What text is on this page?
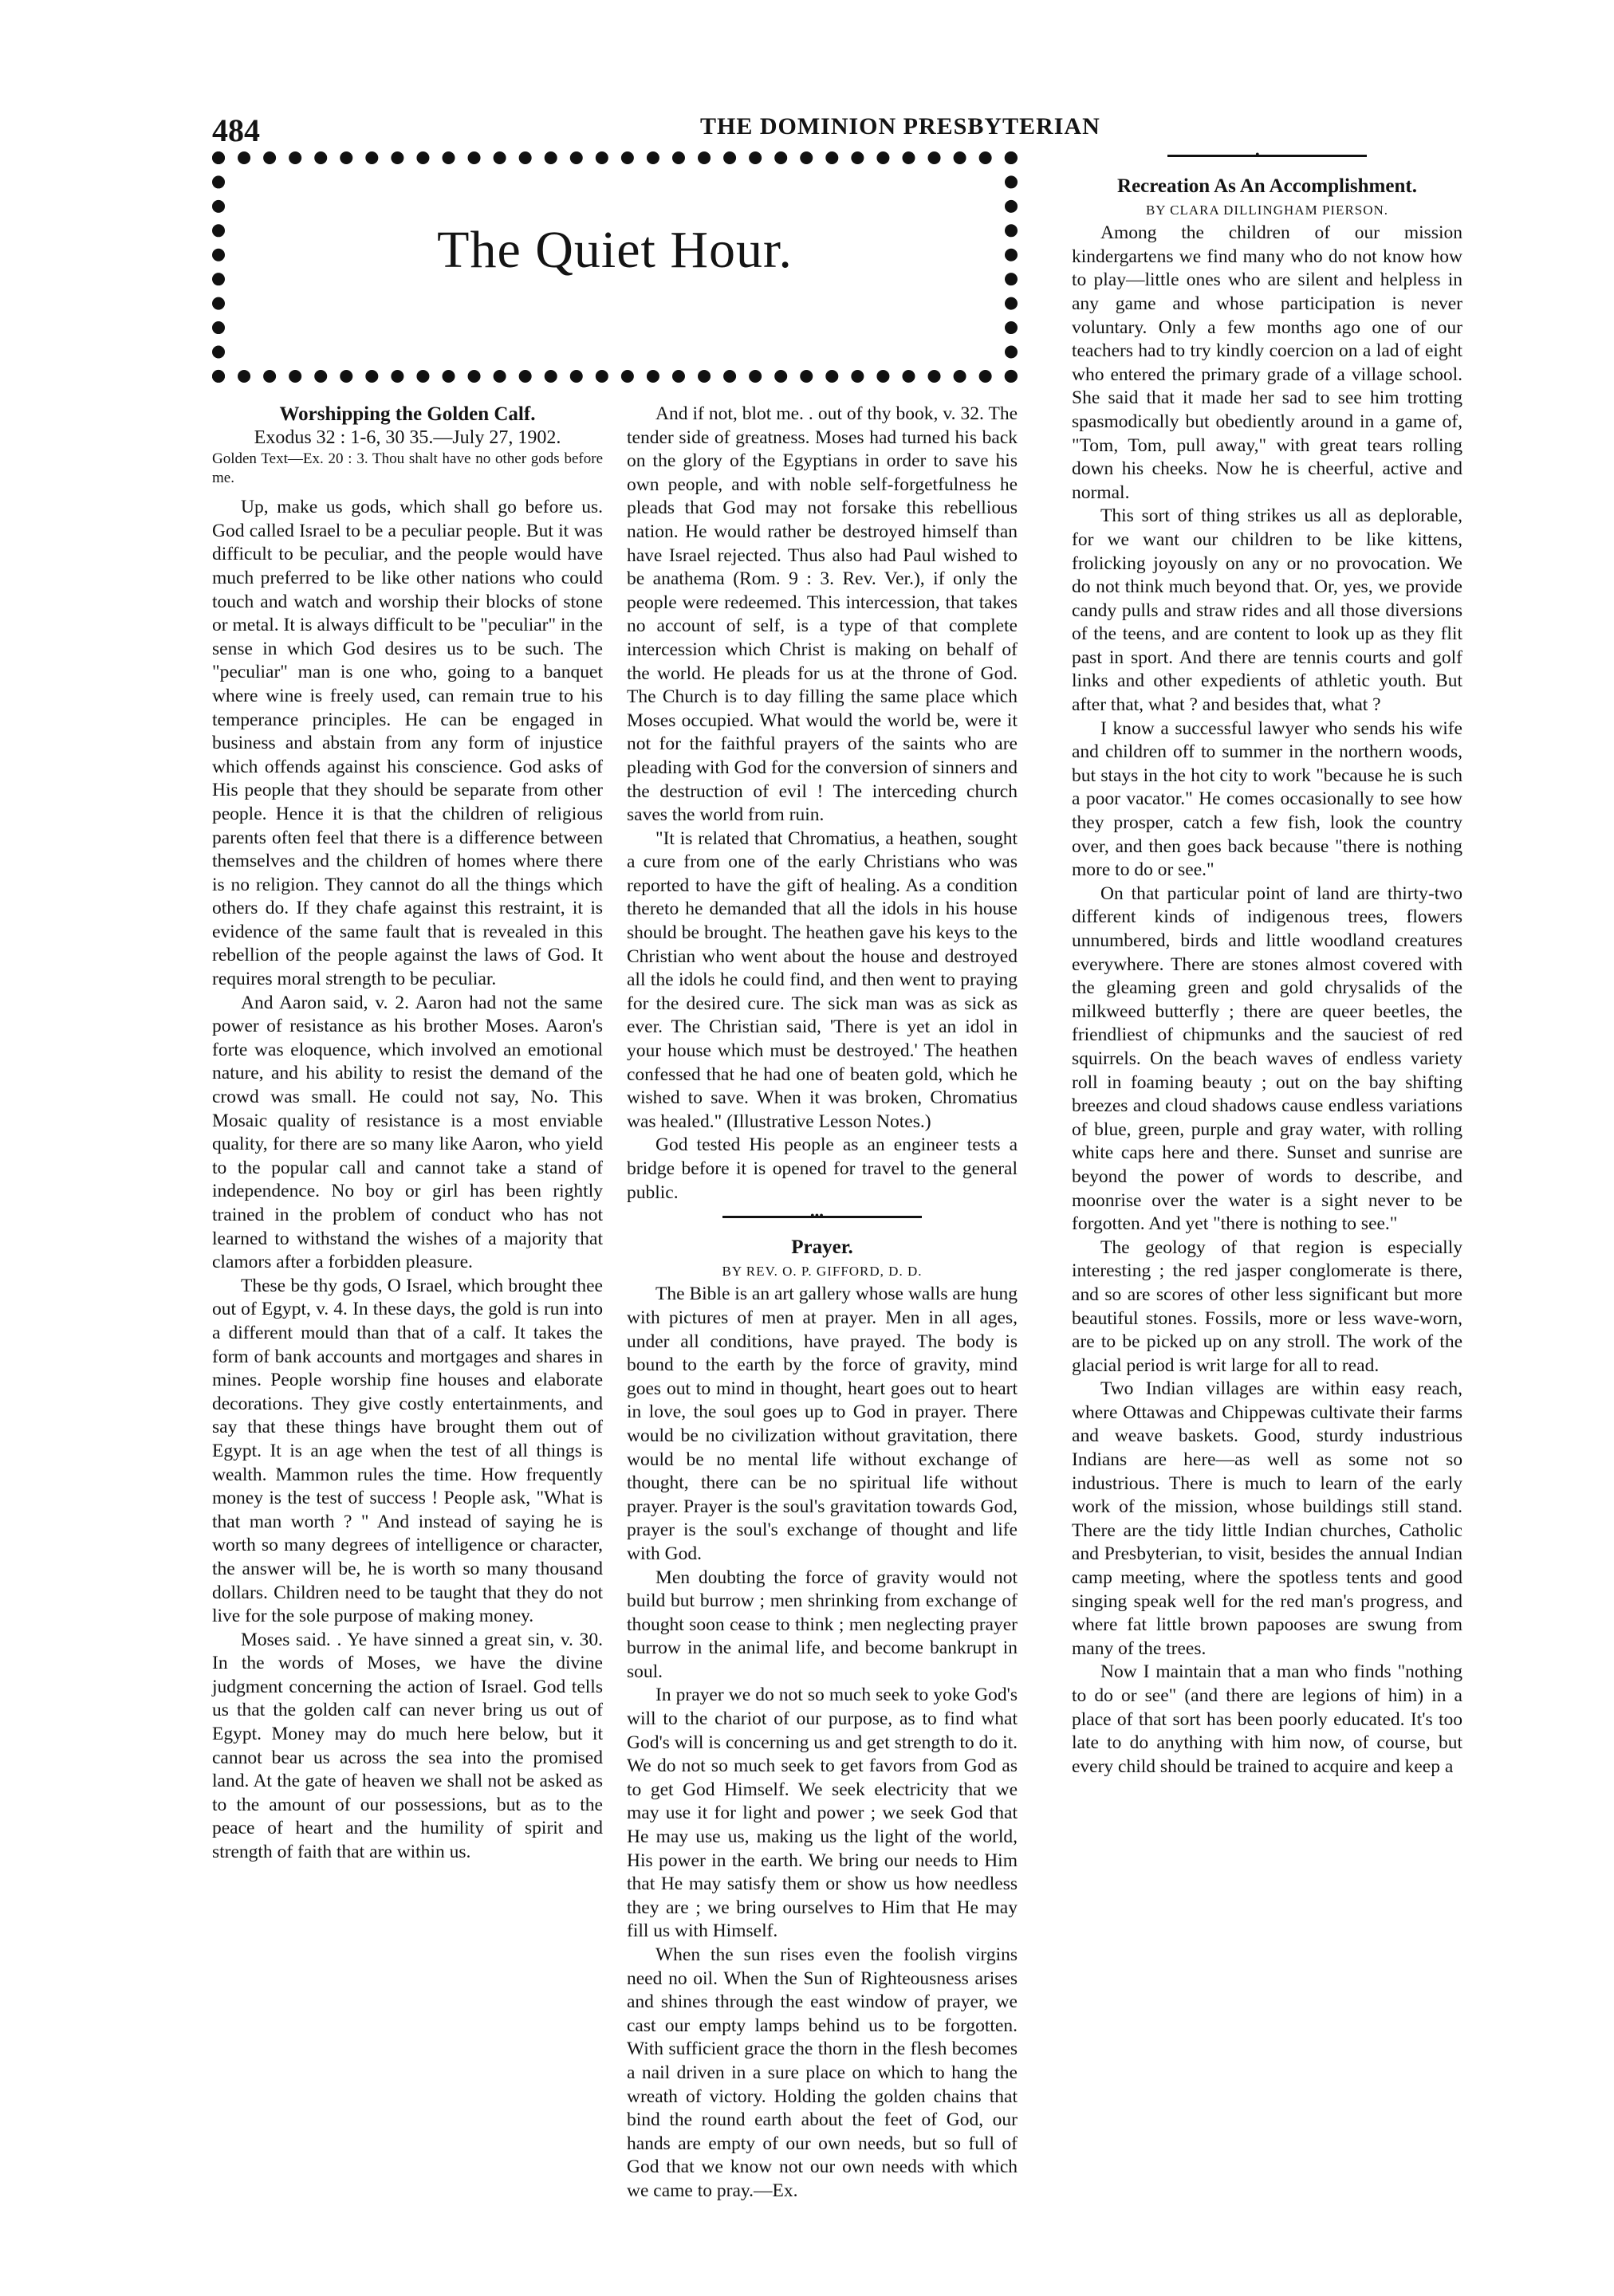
484	THE DOMINION PRESBYTERIAN
The Quiet Hour.

Worshipping the Golden Calf.

Exodus 32 : 1-6, 30 35.—July 27, 1902.

Golden Text—Ex. 20 : 3. Thou shalt have no other gods before me.

Up, make us gods, which shall go before us. God called Israel to be a peculiar people. But it was difficult to be peculiar, and the people would have much preferred to be like other nations who could touch and watch and worship their blocks of stone or metal. It is always difficult to be "peculiar" in the sense in which God desires us to be such. The "peculiar" man is one who, going to a banquet where wine is freely used, can remain true to his temperance principles. He can be engaged in business and abstain from any form of injustice which offends against his conscience. God asks of His people that they should be separate from other people. Hence it is that the children of religious parents often feel that there is a difference between themselves and the children of homes where there is no religion. They cannot do all the things which others do. If they chafe against this restraint, it is evidence of the same fault that is revealed in this rebellion of the people against the laws of God. It requires moral strength to be peculiar.

And Aaron said, v. 2. Aaron had not the same power of resistance as his brother Moses. Aaron's forte was eloquence, which involved an emotional nature, and his ability to resist the demand of the crowd was small. He could not say, No. This Mosaic quality of resistance is a most enviable quality, for there are so many like Aaron, who yield to the popular call and cannot take a stand of independence. No boy or girl has been rightly trained in the problem of conduct who has not learned to withstand the wishes of a majority that clamors after a forbidden pleasure.

These be thy gods, O Israel, which brought thee out of Egypt, v. 4. In these days, the gold is run into a different mould than that of a calf. It takes the form of bank accounts and mortgages and shares in mines. People worship fine houses and elaborate decorations. They give costly entertainments, and say that these things have brought them out of Egypt. It is an age when the test of all things is wealth. Mammon rules the time. How frequently money is the test of success ! People ask, "What is that man worth ? " And instead of saying he is worth so many degrees of intelligence or character, the answer will be, he is worth so many thousand dollars. Children need to be taught that they do not live for the sole purpose of making money.

Moses said. . Ye have sinned a great sin, v. 30. In the words of Moses, we have the divine judgment concerning the action of Israel. God tells us that the golden calf can never bring us out of Egypt. Money may do much here below, but it cannot bear us across the sea into the promised land. At the gate of heaven we shall not be asked as to the amount of our possessions, but as to the peace of heart and the humility of spirit and strength of faith that are within us.

And if not, blot me. . out of thy book, v. 32. The tender side of greatness. Moses had turned his back on the glory of the Egyptians in order to save his own people, and with noble self-forgetfulness he pleads that God may not forsake this rebellious nation. He would rather be destroyed himself than have Israel rejected. Thus also had Paul wished to be anathema (Rom. 9 : 3. Rev. Ver.), if only the people were redeemed. This intercession, that takes no account of self, is a type of that complete intercession which Christ is making on behalf of the world. He pleads for us at the throne of God. The Church is to day filling the same place which Moses occupied. What would the world be, were it not for the faithful prayers of the saints who are pleading with God for the conversion of sinners and the destruction of evil ! The interceding church saves the world from ruin.

"It is related that Chromatius, a heathen, sought a cure from one of the early Christians who was reported to have the gift of healing. As a condition thereto he demanded that all the idols in his house should be brought. The heathen gave his keys to the Christian who went about the house and destroyed all the idols he could find, and then went to praying for the desired cure. The sick man was as sick as ever. The Christian said, 'There is yet an idol in your house which must be destroyed.' The heathen confessed that he had one of beaten gold, which he wished to save. When it was broken, Chromatius was healed." (Illustrative Lesson Notes.)

God tested His people as an engineer tests a bridge before it is opened for travel to the general public.

•••

Prayer.

BY REV. O. P. GIFFORD, D. D.

The Bible is an art gallery whose walls are hung with pictures of men at prayer. Men in all ages, under all conditions, have prayed. The body is bound to the earth by the force of gravity, mind goes out to mind in thought, heart goes out to heart in love, the soul goes up to God in prayer. There would be no civilization without gravitation, there would be no mental life without exchange of thought, there can be no spiritual life without prayer. Prayer is the soul's gravitation towards God, prayer is the soul's exchange of thought and life with God.

Men doubting the force of gravity would not build but burrow ; men shrinking from exchange of thought soon cease to think ; men neglecting prayer burrow in the animal life, and become bankrupt in soul.

In prayer we do not so much seek to yoke God's will to the chariot of our purpose, as to find what God's will is concerning us and get strength to do it. We do not so much seek to get favors from God as to get God Himself. We seek electricity that we may use it for light and power ; we seek God that He may use us, making us the light of the world, His power in the earth. We bring our needs to Him that He may satisfy them or show us how needless they are ; we bring ourselves to Him that He may fill us with Himself.

When the sun rises even the foolish virgins need no oil. When the Sun of Righteousness arises and shines through the east window of prayer, we cast our empty lamps behind us to be forgotten. With sufficient grace the thorn in the flesh becomes a nail driven in a sure place on which to hang the wreath of victory. Holding the golden chains that bind the round earth about the feet of God, our hands are empty of our own needs, but so full of God that we know not our own needs with which we came to pray.—Ex.

•

Recreation As An Accomplishment.

BY CLARA DILLINGHAM PIERSON.

Among the children of our mission kindergartens we find many who do not know how to play—little ones who are silent and helpless in any game and whose participation is never voluntary. Only a few months ago one of our teachers had to try kindly coercion on a lad of eight who entered the primary grade of a village school. She said that it made her sad to see him trotting spasmodically but obediently around in a game of, "Tom, Tom, pull away," with great tears rolling down his cheeks. Now he is cheerful, active and normal.

This sort of thing strikes us all as deplorable, for we want our children to be like kittens, frolicking joyously on any or no provocation. We do not think much beyond that. Or, yes, we provide candy pulls and straw rides and all those diversions of the teens, and are content to look up as they flit past in sport. And there are tennis courts and golf links and other expedients of athletic youth. But after that, what ? and besides that, what ?

I know a successful lawyer who sends his wife and children off to summer in the northern woods, but stays in the hot city to work "because he is such a poor vacator." He comes occasionally to see how they prosper, catch a few fish, look the country over, and then goes back because "there is nothing more to do or see."

On that particular point of land are thirty-two different kinds of indigenous trees, flowers unnumbered, birds and little woodland creatures everywhere. There are stones almost covered with the gleaming green and gold chrysalids of the milkweed butterfly ; there are queer beetles, the friendliest of chipmunks and the sauciest of red squirrels. On the beach waves of endless variety roll in foaming beauty ; out on the bay shifting breezes and cloud shadows cause endless variations of blue, green, purple and gray water, with rolling white caps here and there. Sunset and sunrise are beyond the power of words to describe, and moonrise over the water is a sight never to be forgotten. And yet "there is nothing to see."

The geology of that region is especially interesting ; the red jasper conglomerate is there, and so are scores of other less significant but more beautiful stones. Fossils, more or less wave-worn, are to be picked up on any stroll. The work of the glacial period is writ large for all to read.

Two Indian villages are within easy reach, where Ottawas and Chippewas cultivate their farms and weave baskets. Good, sturdy industrious Indians are here—as well as some not so industrious. There is much to learn of the early work of the mission, whose buildings still stand. There are the tidy little Indian churches, Catholic and Presbyterian, to visit, besides the annual Indian camp meeting, where the spotless tents and good singing speak well for the red man's progress, and where fat little brown papooses are swung from many of the trees.

Now I maintain that a man who finds "nothing to do or see" (and there are legions of him) in a place of that sort has been poorly educated. It's too late to do anything with him now, of course, but every child should be trained to acquire and keep a
